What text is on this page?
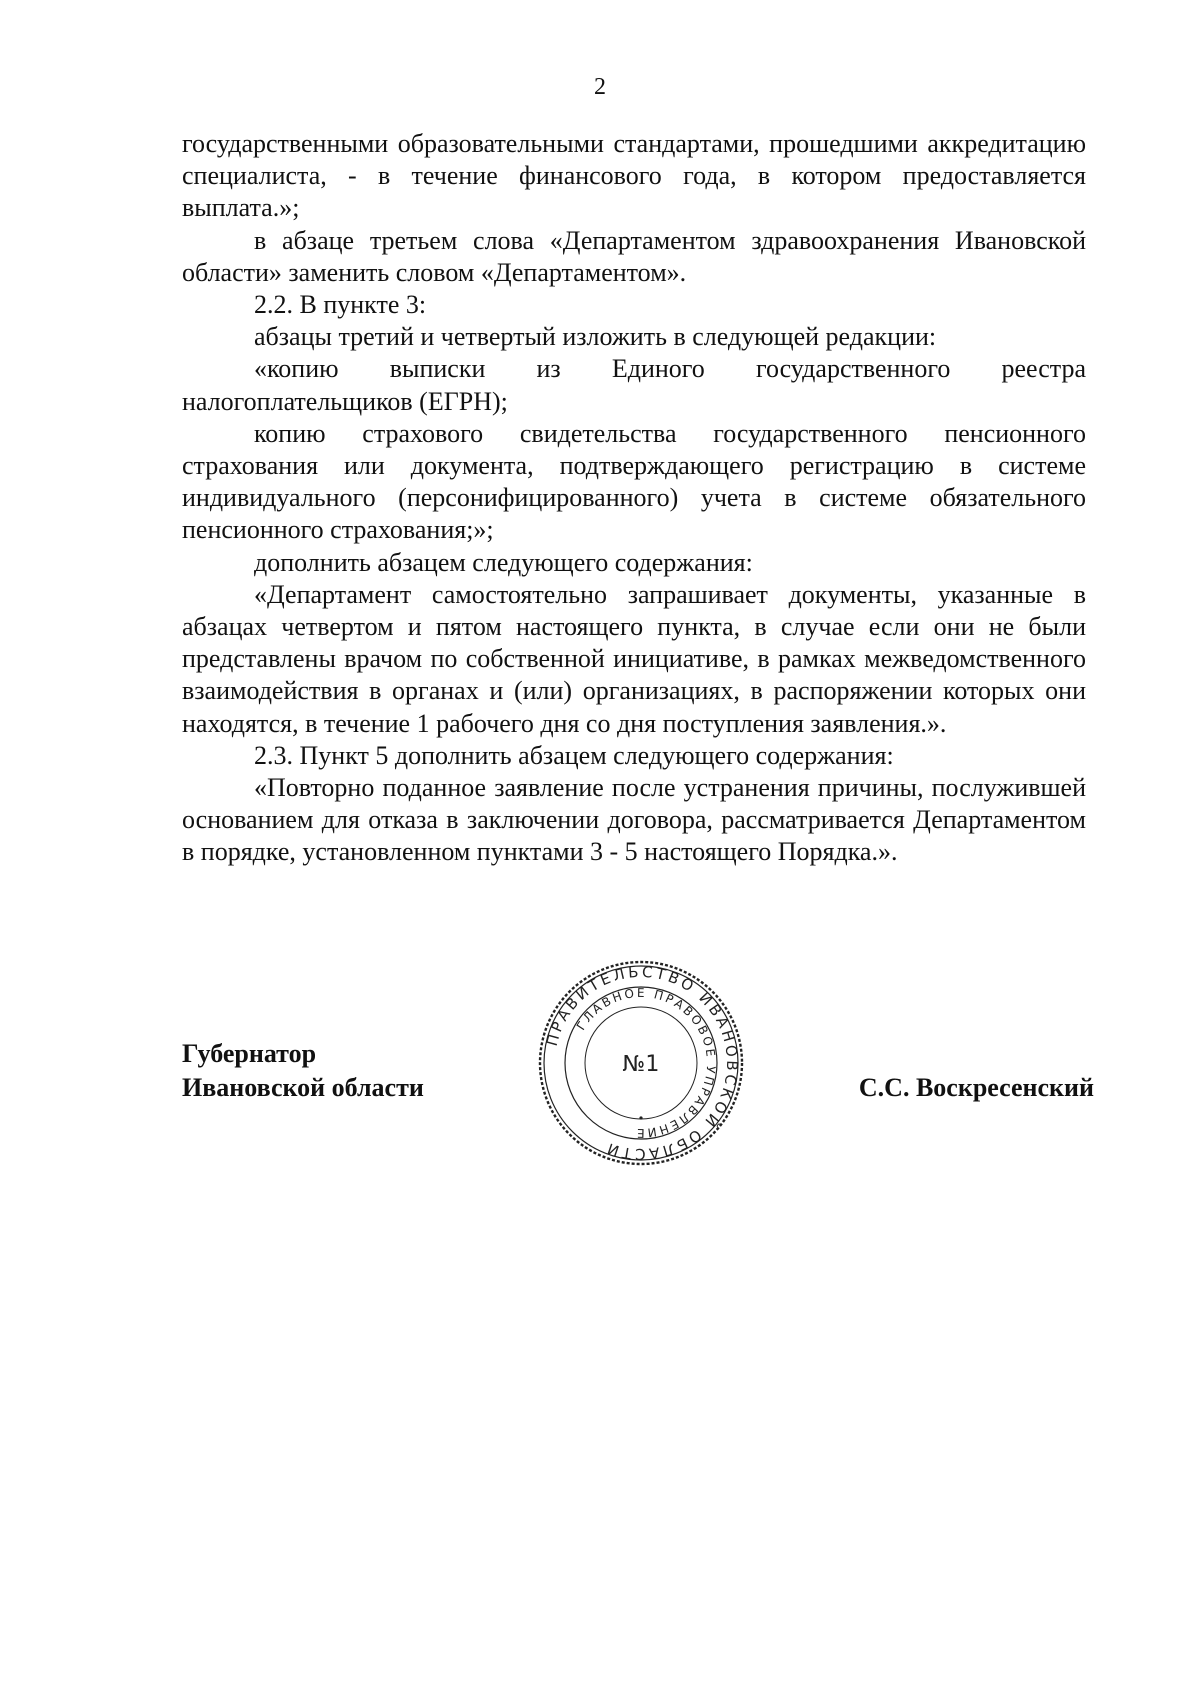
2

государственными образовательными стандартами, прошедшими аккредитацию специалиста, - в течение финансового года, в котором предоставляется выплата.»;

в абзаце третьем слова «Департаментом здравоохранения Ивановской области» заменить словом «Департаментом».

2.2. В пункте 3:

абзацы третий и четвертый изложить в следующей редакции:

«копию выписки из Единого государственного реестра налогоплательщиков (ЕГРН);

копию страхового свидетельства государственного пенсионного страхования или документа, подтверждающего регистрацию в системе индивидуального (персонифицированного) учета в системе обязательного пенсионного страхования;»;

дополнить абзацем следующего содержания:

«Департамент самостоятельно запрашивает документы, указанные в абзацах четвертом и пятом настоящего пункта, в случае если они не были представлены врачом по собственной инициативе, в рамках межведомственного взаимодействия в органах и (или) организациях, в распоряжении которых они находятся, в течение 1 рабочего дня со дня поступления заявления.».

2.3. Пункт 5 дополнить абзацем следующего содержания:

«Повторно поданное заявление после устранения причины, послужившей основанием для отказа в заключении договора, рассматривается Департаментом в порядке, установленном пунктами 3 - 5 настоящего Порядка.».

Губернатор
Ивановской области	С.С. Воскресенский
ПРАВИТЕЛЬСТВО ИВАНОВСКОЙ ОБЛАСТИ
ГЛАВНОЕ ПРАВОВОЕ УПРАВЛЕНИЕ
№1
